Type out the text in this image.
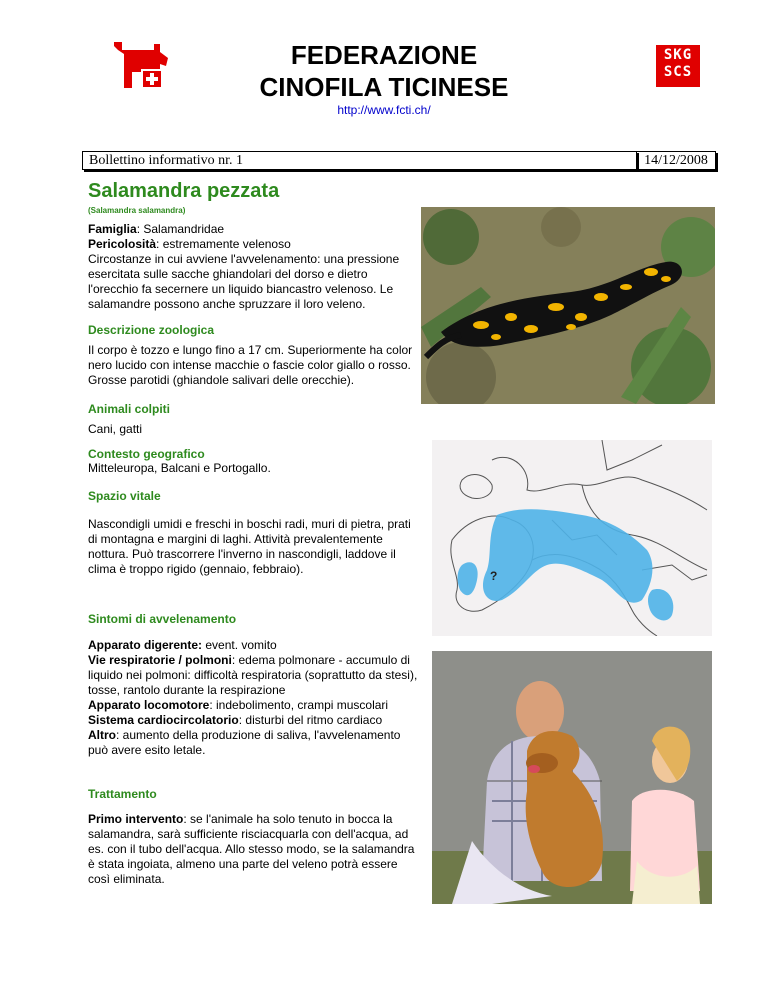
FEDERAZIONE
CINOFILA TICINESE
http://www.fcti.ch/
SKG
SCS
Bollettino informativo nr. 1	14/12/2008
Salamandra pezzata
(Salamandra salamandra)
Famiglia: Salamandridae
Pericolosità: estremamente velenoso
Circostanze in cui avviene l'avvelenamento: una pressione esercitata sulle sacche ghiandolari del dorso e dietro l'orecchio fa secernere un liquido biancastro velenoso. Le salamandre possono anche spruzzare il loro veleno.
Descrizione zoologica
Il corpo è tozzo e lungo fino a 17 cm. Superiormente ha color nero lucido con intense macchie o fascie color giallo o rosso. Grosse parotidi (ghiandole salivari delle orecchie).
Animali colpiti
Cani, gatti
Contesto geografico
Mitteleuropa, Balcani e Portogallo.
Spazio vitale
Nascondigli umidi e freschi in boschi radi, muri di pietra, prati di montagna e margini di laghi. Attività prevalentemente nottura. Può trascorrere l'inverno in nascondigli, laddove il clima è troppo rigido (gennaio, febbraio).
Sintomi di avvelenamento
Apparato digerente: event. vomito
Vie respiratorie / polmoni: edema polmonare - accumulo di liquido nei polmoni: difficoltà respiratoria (soprattutto da stesi), tosse, rantolo durante la respirazione
Apparato locomotore: indebolimento, crampi muscolari
Sistema cardiocircolatorio: disturbi del ritmo cardiaco
Altro: aumento della produzione di saliva, l'avvelenamento può avere esito letale.
Trattamento
Primo intervento: se l'animale ha solo tenuto in bocca la salamandra, sarà sufficiente risciacquarla con dell'acqua, ad es. con il tubo dell'acqua. Allo stesso modo, se la salamandra è stata ingoiata, almeno una parte del veleno potrà essere così eliminata.
?
